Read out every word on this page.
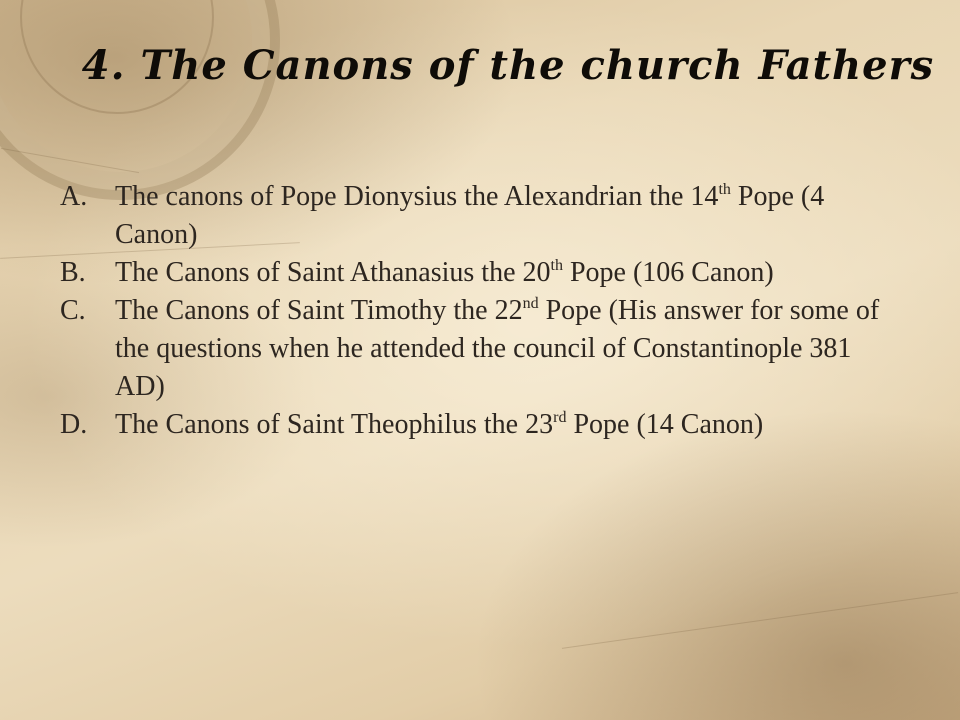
4. The Canons of the church Fathers
A. The canons of Pope Dionysius the Alexandrian the 14th Pope (4 Canon)
B. The Canons of Saint Athanasius the 20th Pope (106 Canon)
C. The Canons of Saint Timothy the 22nd Pope (His answer for some of the questions when he attended the council of Constantinople 381 AD)
D. The Canons of Saint Theophilus the 23rd Pope (14 Canon)
